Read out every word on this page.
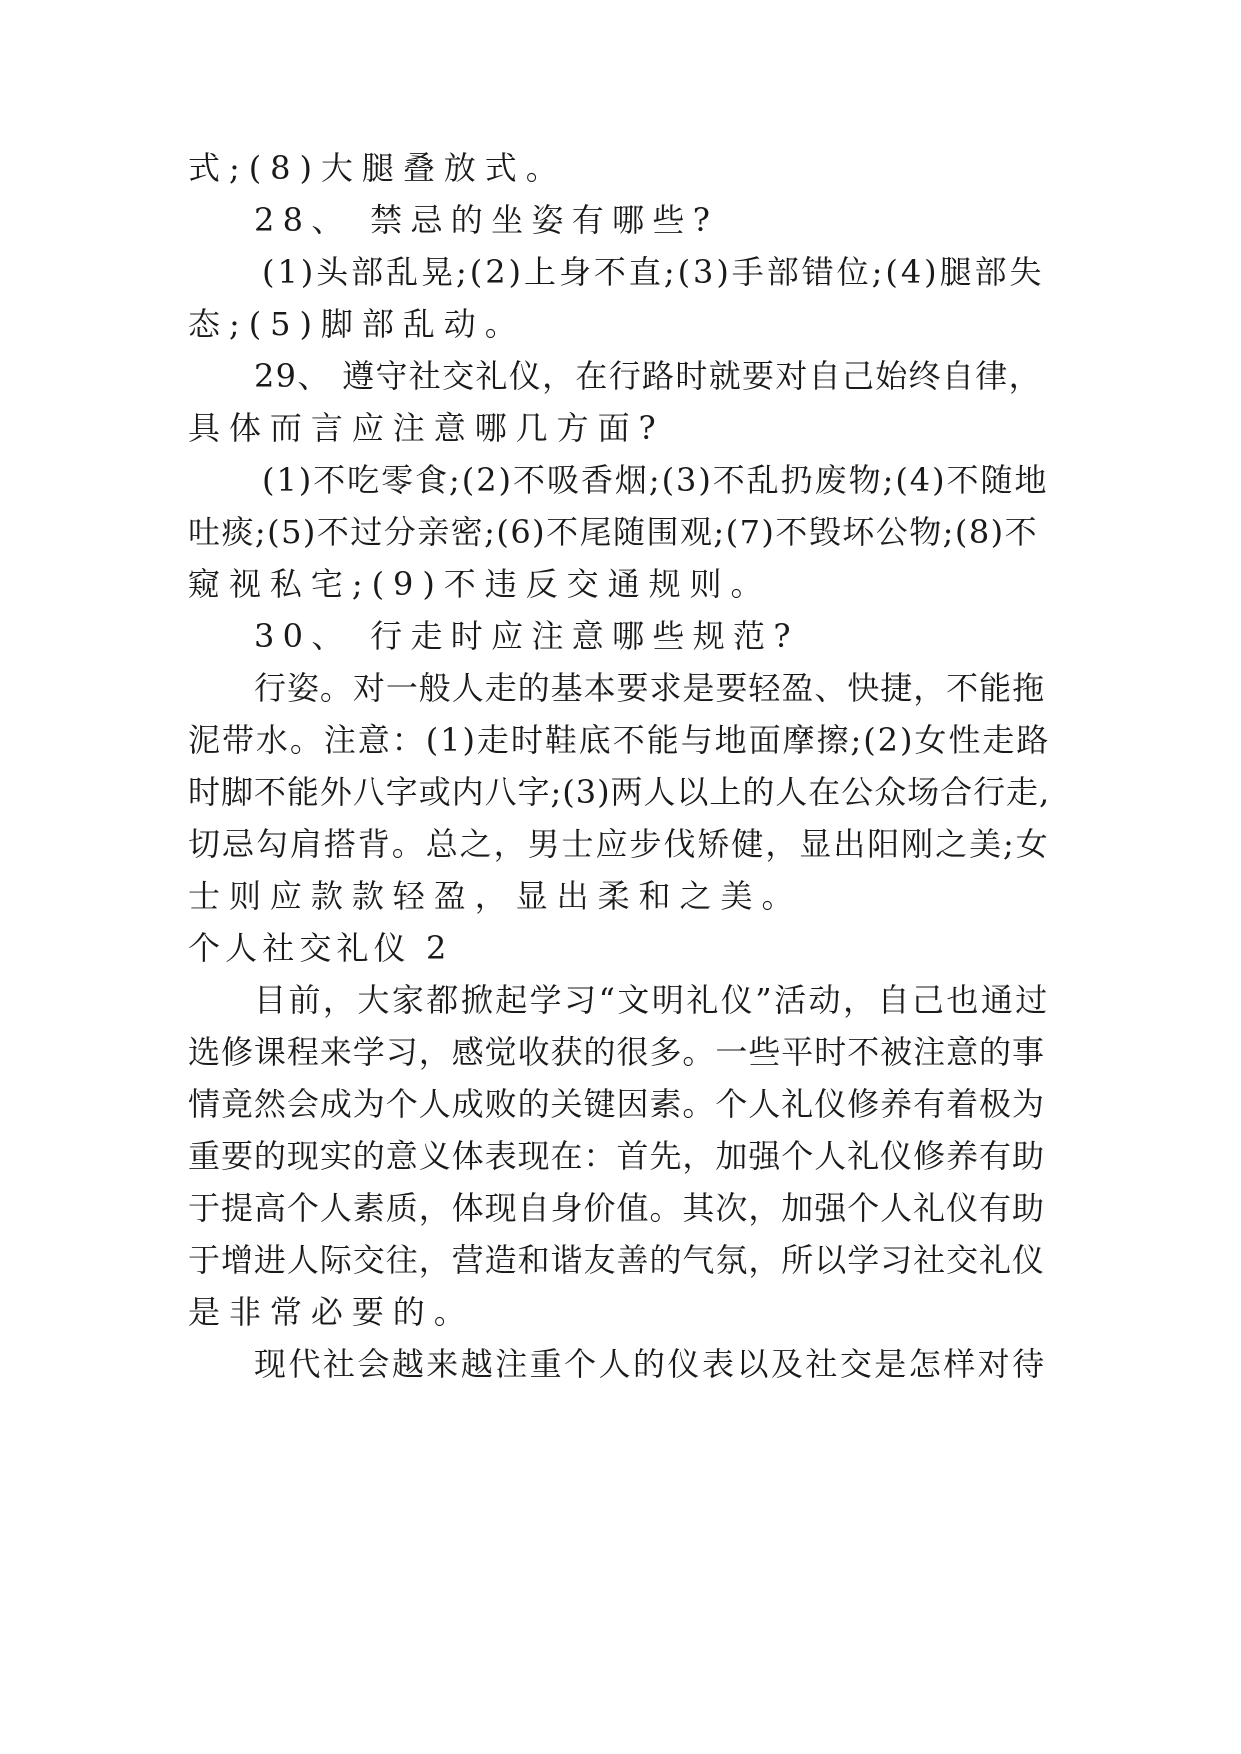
式;(8)大腿叠放式。
28、 禁忌的坐姿有哪些?
(1)头部乱晃;(2)上身不直;(3)手部错位;(4)腿部失
态;(5)脚部乱动。
29、 遵守社交礼仪，在行路时就要对自己始终自律，
具体而言应注意哪几方面?
(1)不吃零食;(2)不吸香烟;(3)不乱扔废物;(4)不随地
吐痰;(5)不过分亲密;(6)不尾随围观;(7)不毁坏公物;(8)不
窥视私宅;(9)不违反交通规则。
30、 行走时应注意哪些规范?
行姿。对一般人走的基本要求是要轻盈、快捷，不能拖
泥带水。注意：(1)走时鞋底不能与地面摩擦;(2)女性走路
时脚不能外八字或内八字;(3)两人以上的人在公众场合行走,
切忌勾肩搭背。总之，男士应步伐矫健，显出阳刚之美;女
士则应款款轻盈，显出柔和之美。
个人社交礼仪 2
目前，大家都掀起学习“文明礼仪”活动，自己也通过
选修课程来学习，感觉收获的很多。一些平时不被注意的事
情竟然会成为个人成败的关键因素。个人礼仪修养有着极为
重要的现实的意义体表现在：首先，加强个人礼仪修养有助
于提高个人素质，体现自身价值。其次，加强个人礼仪有助
于增进人际交往，营造和谐友善的气氛，所以学习社交礼仪
是非常必要的。
现代社会越来越注重个人的仪表以及社交是怎样对待
